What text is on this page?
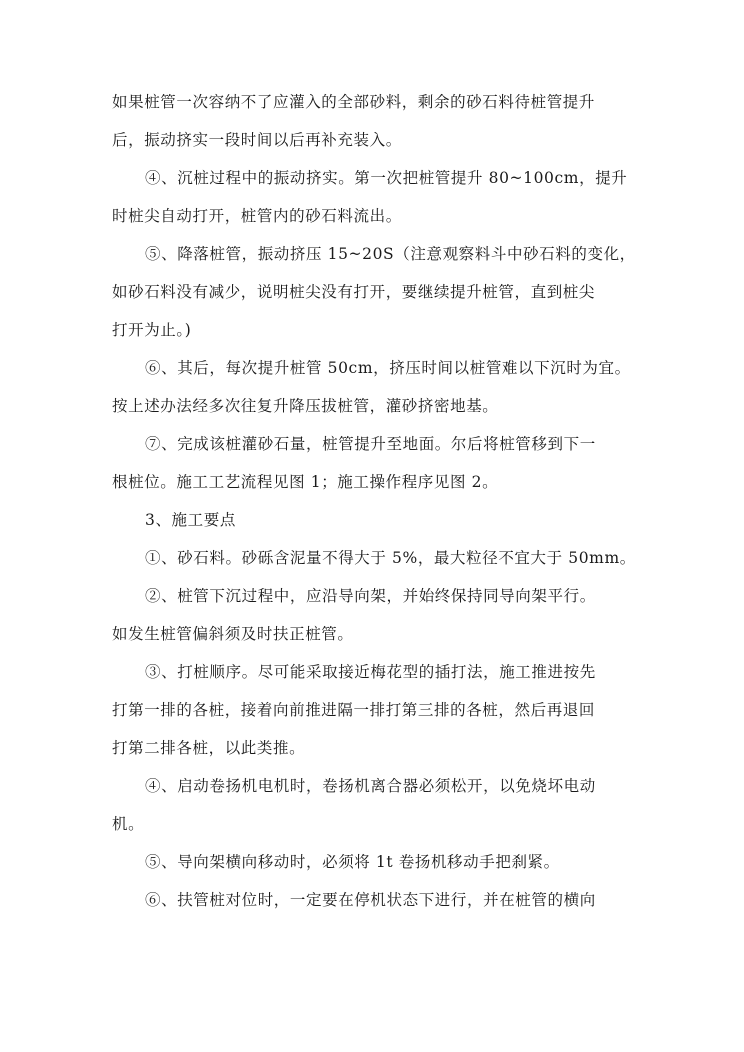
如果桩管一次容纳不了应灌入的全部砂料，剩余的砂石料待桩管提升
后，振动挤实一段时间以后再补充装入。
④、沉桩过程中的振动挤实。第一次把桩管提升 80~100cm，提升
时桩尖自动打开，桩管内的砂石料流出。
⑤、降落桩管，振动挤压 15~20S（注意观察料斗中砂石料的变化，
如砂石料没有减少，说明桩尖没有打开，要继续提升桩管，直到桩尖
打开为止。)
⑥、其后，每次提升桩管 50cm，挤压时间以桩管难以下沉时为宜。
按上述办法经多次往复升降压拔桩管，灌砂挤密地基。
⑦、完成该桩灌砂石量，桩管提升至地面。尔后将桩管移到下一
根桩位。施工工艺流程见图 1；施工操作程序见图 2。
3、施工要点
①、砂石料。砂砾含泥量不得大于 5%，最大粒径不宜大于 50mm。
②、桩管下沉过程中，应沿导向架，并始终保持同导向架平行。
如发生桩管偏斜须及时扶正桩管。
③、打桩顺序。尽可能采取接近梅花型的插打法，施工推进按先
打第一排的各桩，接着向前推进隔一排打第三排的各桩，然后再退回
打第二排各桩，以此类推。
④、启动卷扬机电机时，卷扬机离合器必须松开，以免烧坏电动
机。
⑤、导向架横向移动时，必须将 1t 卷扬机移动手把刹紧。
⑥、扶管桩对位时，一定要在停机状态下进行，并在桩管的横向
